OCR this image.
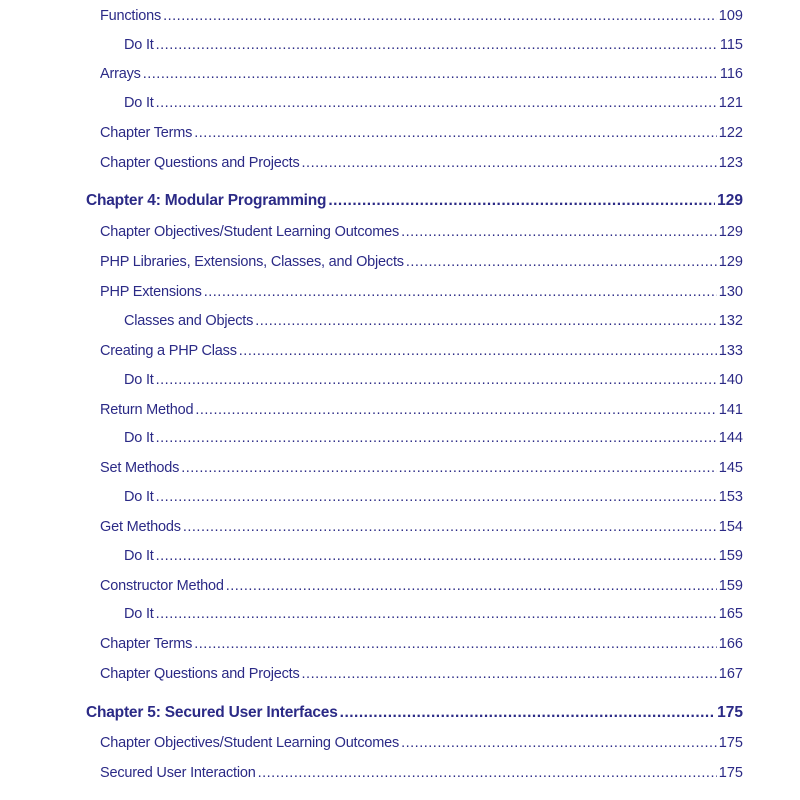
Functions .....	109
Do It .....	115
Arrays .....	116
Do It .....	121
Chapter Terms .....	122
Chapter Questions and Projects .....	123
Chapter 4: Modular Programming .....	129
Chapter Objectives/Student Learning Outcomes .....	129
PHP Libraries, Extensions, Classes, and Objects .....	129
PHP Extensions .....	130
Classes and Objects .....	132
Creating a PHP Class .....	133
Do It .....	140
Return Method .....	141
Do It .....	144
Set Methods .....	145
Do It .....	153
Get Methods .....	154
Do It .....	159
Constructor Method .....	159
Do It .....	165
Chapter Terms .....	166
Chapter Questions and Projects .....	167
Chapter 5: Secured User Interfaces .....	175
Chapter Objectives/Student Learning Outcomes .....	175
Secured User Interaction .....	175
